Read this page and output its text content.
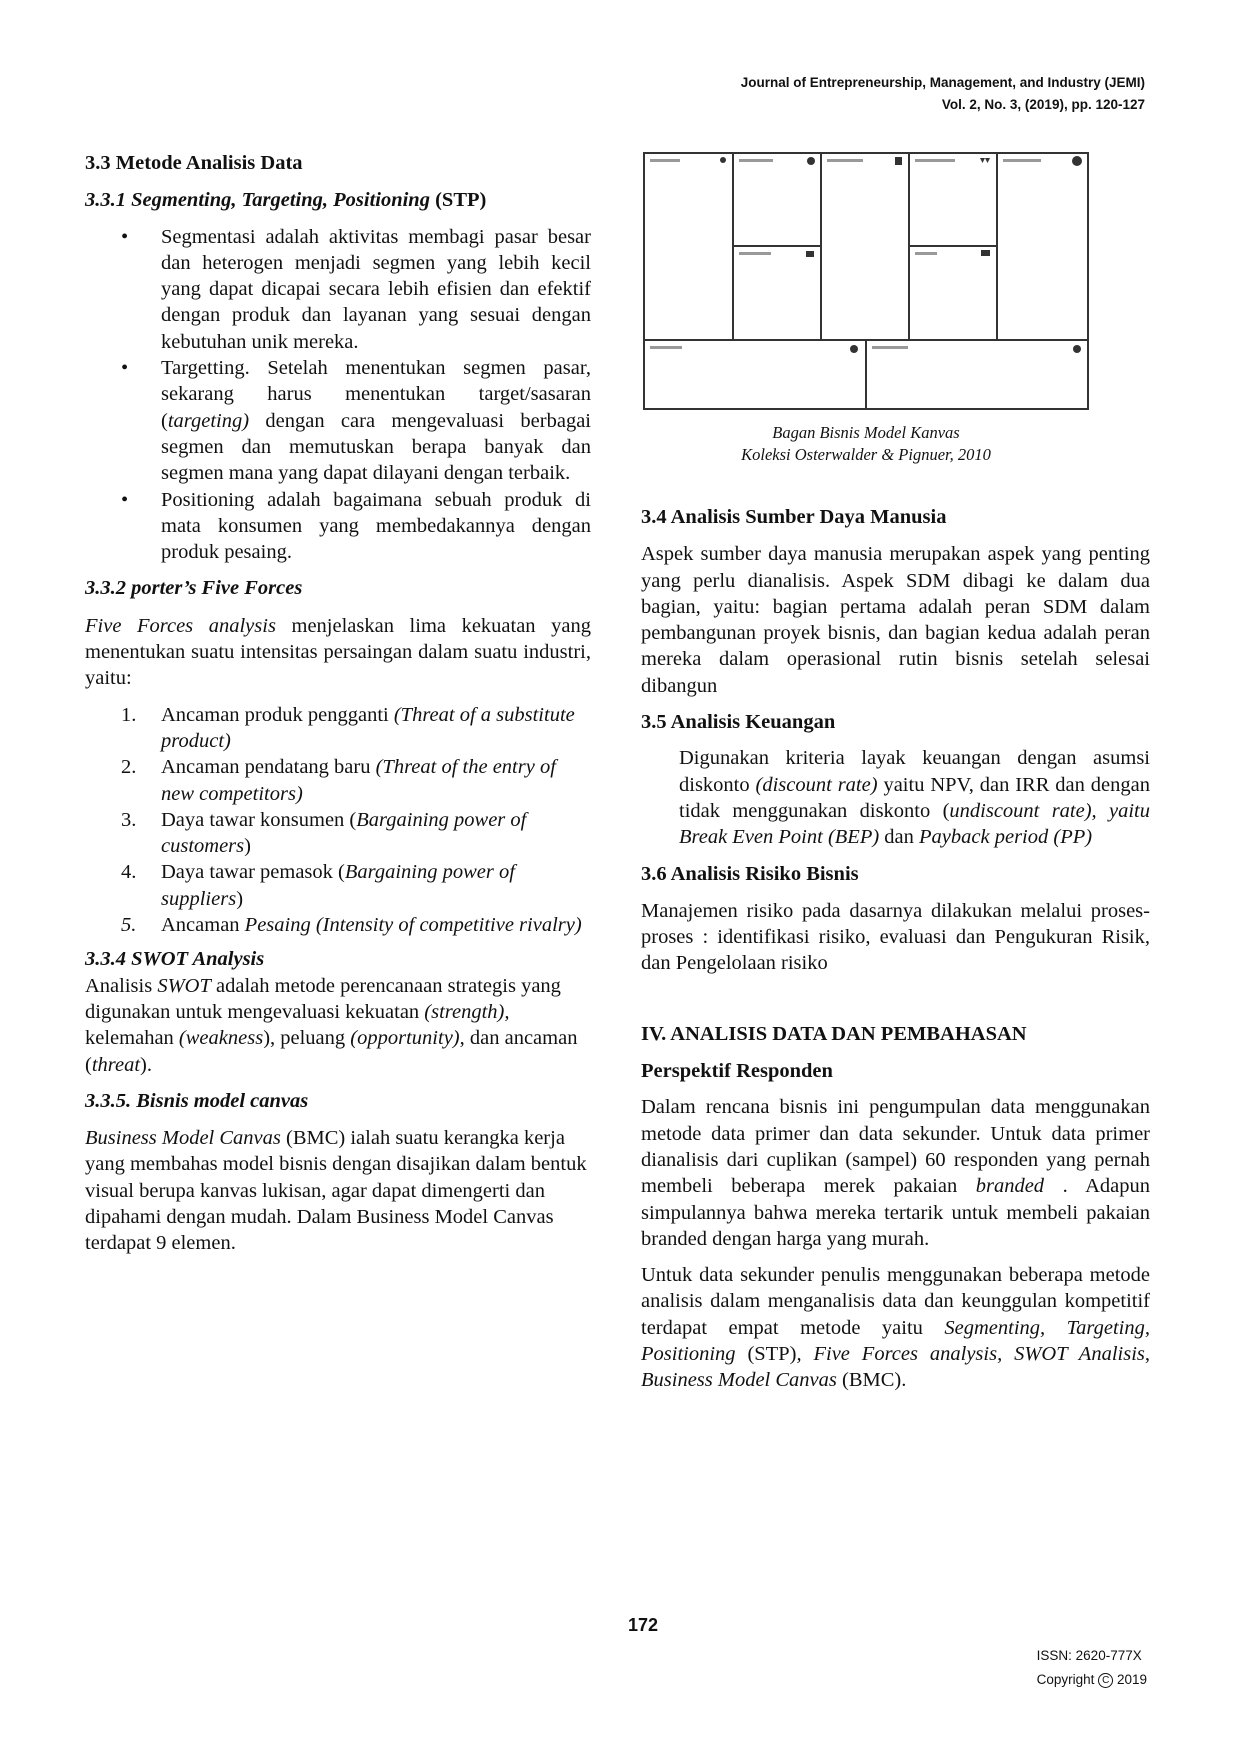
Journal of Entrepreneurship, Management, and Industry (JEMI)
Vol. 2, No. 3, (2019), pp. 120-127

3.3 Metode Analisis Data

3.3.1 Segmenting, Targeting, Positioning (STP)

• Segmentasi adalah aktivitas membagi pasar besar dan heterogen menjadi segmen yang lebih kecil yang dapat dicapai secara lebih efisien dan efektif dengan produk dan layanan yang sesuai dengan kebutuhan unik mereka.
• Targetting. Setelah menentukan segmen pasar, sekarang harus menentukan target/sasaran (targeting) dengan cara mengevaluasi berbagai segmen dan memutuskan berapa banyak dan segmen mana yang dapat dilayani dengan terbaik.
• Positioning adalah bagaimana sebuah produk di mata konsumen yang membedakannya dengan produk pesaing.

3.3.2 porter’s Five Forces

Five Forces analysis menjelaskan lima kekuatan yang menentukan suatu intensitas persaingan dalam suatu industri, yaitu:

1. Ancaman produk pengganti (Threat of a substitute product)
2. Ancaman pendatang baru (Threat of the entry of new competitors)
3. Daya tawar konsumen (Bargaining power of customers)
4. Daya tawar pemasok (Bargaining power of suppliers)
5. Ancaman Pesaing (Intensity of competitive rivalry)

3.3.4 SWOT Analysis

Analisis SWOT adalah metode perencanaan strategis yang digunakan untuk mengevaluasi kekuatan (strength), kelemahan (weakness), peluang (opportunity), dan ancaman (threat).

3.3.5. Bisnis model canvas

Business Model Canvas (BMC) ialah suatu kerangka kerja yang membahas model bisnis dengan disajikan dalam bentuk visual berupa kanvas lukisan, agar dapat dimengerti dan dipahami dengan mudah. Dalam Business Model Canvas terdapat 9 elemen.

Bagan Bisnis Model Kanvas
Koleksi Osterwalder & Pignuer, 2010

3.4 Analisis Sumber Daya Manusia

Aspek sumber daya manusia merupakan aspek yang penting yang perlu dianalisis. Aspek SDM dibagi ke dalam dua bagian, yaitu: bagian pertama adalah peran SDM dalam pembangunan proyek bisnis, dan bagian kedua adalah peran mereka dalam operasional rutin bisnis setelah selesai dibangun

3.5 Analisis Keuangan

Digunakan kriteria layak keuangan dengan asumsi diskonto (discount rate) yaitu NPV, dan IRR dan dengan tidak menggunakan diskonto (undiscount rate), yaitu Break Even Point (BEP) dan Payback period (PP)

3.6 Analisis Risiko Bisnis

Manajemen risiko pada dasarnya dilakukan melalui proses-proses : identifikasi risiko, evaluasi dan Pengukuran Risik, dan Pengelolaan risiko

IV. ANALISIS DATA DAN PEMBAHASAN

Perspektif Responden

Dalam rencana bisnis ini pengumpulan data menggunakan metode data primer dan data sekunder. Untuk data primer dianalisis dari cuplikan (sampel) 60 responden yang pernah membeli beberapa merek pakaian branded . Adapun simpulannya bahwa mereka tertarik untuk membeli pakaian branded dengan harga yang murah.

Untuk data sekunder penulis menggunakan beberapa metode analisis dalam menganalisis data dan keunggulan kompetitif terdapat empat metode yaitu Segmenting, Targeting, Positioning (STP), Five Forces analysis, SWOT Analisis, Business Model Canvas (BMC).

172
ISSN: 2620-777X
Copyright C 2019
